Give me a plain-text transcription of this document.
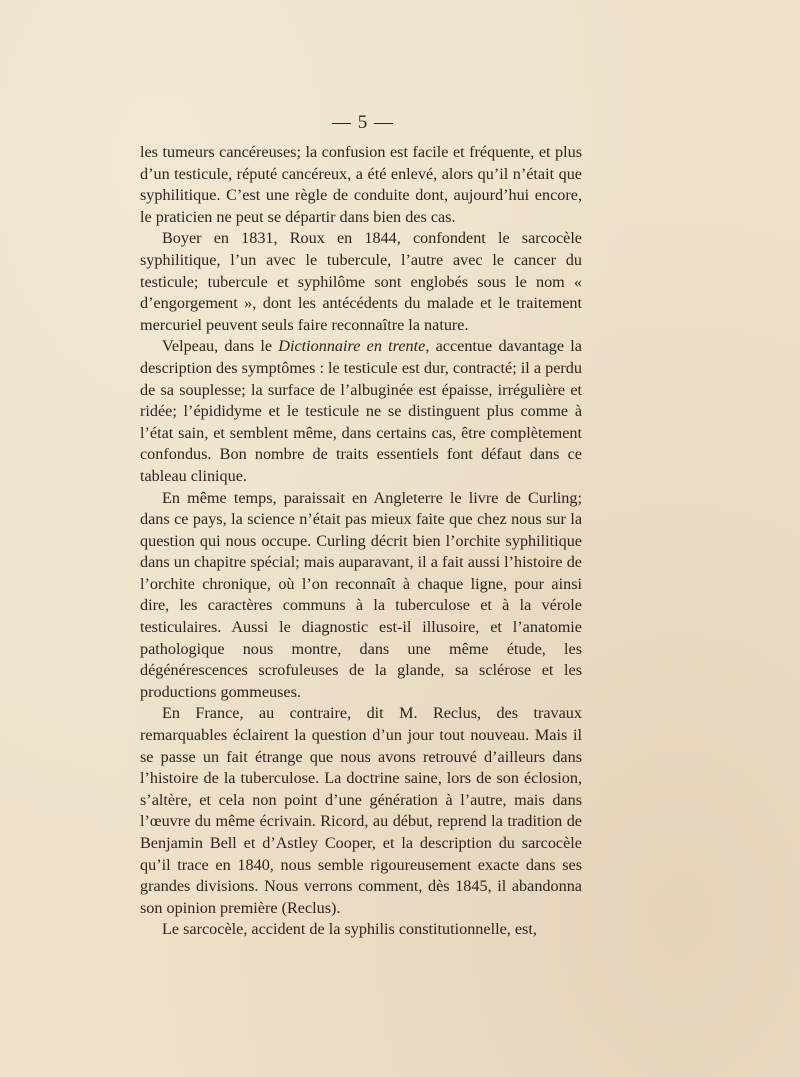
— 5 —

les tumeurs cancéreuses; la confusion est facile et fréquente, et plus d’un testicule, réputé cancéreux, a été enlevé, alors qu’il n’était que syphilitique. C’est une règle de conduite dont, aujourd’hui encore, le praticien ne peut se départir dans bien des cas.

Boyer en 1831, Roux en 1844, confondent le sarcocèle syphilitique, l’un avec le tubercule, l’autre avec le cancer du testicule; tubercule et syphilôme sont englobés sous le nom « d’engorgement », dont les antécédents du malade et le traitement mercuriel peuvent seuls faire reconnaître la nature.

Velpeau, dans le Dictionnaire en trente, accentue davantage la description des symptômes : le testicule est dur, contracté; il a perdu de sa souplesse; la surface de l’albuginée est épaisse, irrégulière et ridée; l’épididyme et le testicule ne se distinguent plus comme à l’état sain, et semblent même, dans certains cas, être complètement confondus. Bon nombre de traits essentiels font défaut dans ce tableau clinique.

En même temps, paraissait en Angleterre le livre de Curling; dans ce pays, la science n’était pas mieux faite que chez nous sur la question qui nous occupe. Curling décrit bien l’orchite syphilitique dans un chapitre spécial; mais auparavant, il a fait aussi l’histoire de l’orchite chronique, où l’on reconnaît à chaque ligne, pour ainsi dire, les caractères communs à la tuberculose et à la vérole testiculaires. Aussi le diagnostic est-il illusoire, et l’anatomie pathologique nous montre, dans une même étude, les dégénérescences scrofuleuses de la glande, sa sclérose et les productions gommeuses.

En France, au contraire, dit M. Reclus, des travaux remarquables éclairent la question d’un jour tout nouveau. Mais il se passe un fait étrange que nous avons retrouvé d’ailleurs dans l’histoire de la tuberculose. La doctrine saine, lors de son éclosion, s’altère, et cela non point d’une génération à l’autre, mais dans l’œuvre du même écrivain. Ricord, au début, reprend la tradition de Benjamin Bell et d’Astley Cooper, et la description du sarcocèle qu’il trace en 1840, nous semble rigoureusement exacte dans ses grandes divisions. Nous verrons comment, dès 1845, il abandonna son opinion première (Reclus).

Le sarcocèle, accident de la syphilis constitutionnelle, est,
